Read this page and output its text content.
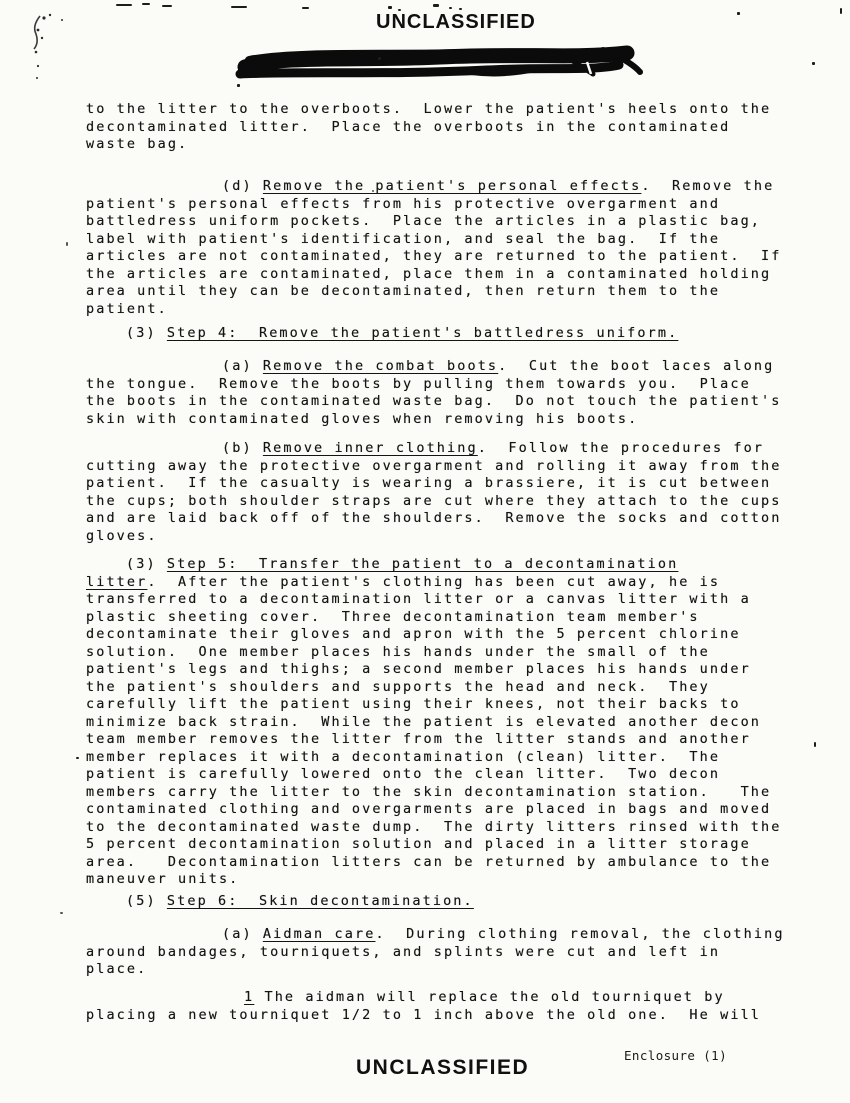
UNCLASSIFIED
to the litter to the overboots.  Lower the patient's heels onto the
decontaminated litter.  Place the overboots in the contaminated
waste bag.
(d) Remove the patient's personal effects.  Remove the
patient's personal effects from his protective overgarment and
battledress uniform pockets.  Place the articles in a plastic bag,
label with patient's identification, and seal the bag.  If the
articles are not contaminated, they are returned to the patient.  If
the articles are contaminated, place them in a contaminated holding
area until they can be decontaminated, then return them to the
patient.
(3) Step 4:  Remove the patient's battledress uniform.
(a) Remove the combat boots.  Cut the boot laces along
the tongue.  Remove the boots by pulling them towards you.  Place
the boots in the contaminated waste bag.  Do not touch the patient's
skin with contaminated gloves when removing his boots.
(b) Remove inner clothing.  Follow the procedures for
cutting away the protective overgarment and rolling it away from the
patient.  If the casualty is wearing a brassiere, it is cut between
the cups; both shoulder straps are cut where they attach to the cups
and are laid back off of the shoulders.  Remove the socks and cotton
gloves.
(3) Step 5:  Transfer the patient to a decontamination
litter.  After the patient's clothing has been cut away, he is
transferred to a decontamination litter or a canvas litter with a
plastic sheeting cover.  Three decontamination team member's
decontaminate their gloves and apron with the 5 percent chlorine
solution.  One member places his hands under the small of the
patient's legs and thighs; a second member places his hands under
the patient's shoulders and supports the head and neck.  They
carefully lift the patient using their knees, not their backs to
minimize back strain.  While the patient is elevated another decon
team member removes the litter from the litter stands and another
member replaces it with a decontamination (clean) litter.  The
patient is carefully lowered onto the clean litter.  Two decon
members carry the litter to the skin decontamination station.   The
contaminated clothing and overgarments are placed in bags and moved
to the decontaminated waste dump.  The dirty litters rinsed with the
5 percent decontamination solution and placed in a litter storage
area.   Decontamination litters can be returned by ambulance to the
maneuver units.
(5) Step 6:  Skin decontamination.
(a) Aidman care.  During clothing removal, the clothing
around bandages, tourniquets, and splints were cut and left in
place.
1 The aidman will replace the old tourniquet by
placing a new tourniquet 1/2 to 1 inch above the old one.  He will
Enclosure (1)
UNCLASSIFIED
